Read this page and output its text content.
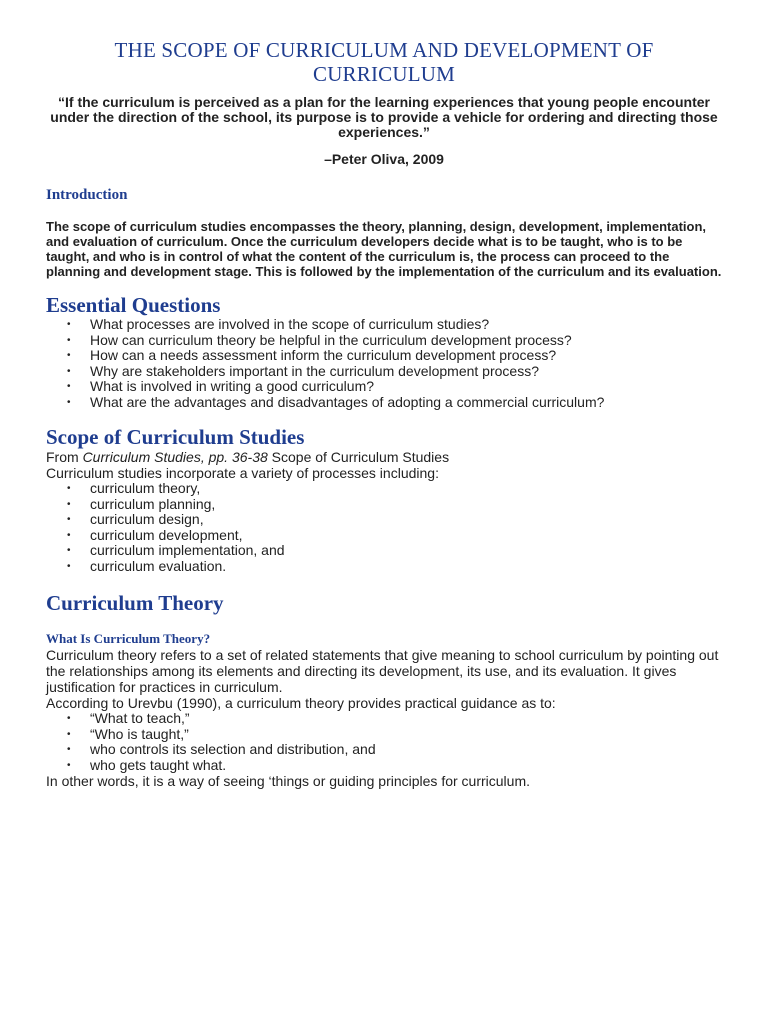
THE SCOPE OF CURRICULUM AND DEVELOPMENT OF CURRICULUM

“If the curriculum is perceived as a plan for the learning experiences that young people encounter under the direction of the school, its purpose is to provide a vehicle for ordering and directing those experiences.”

–Peter Oliva, 2009

Introduction

The scope of curriculum studies encompasses the theory, planning, design, development, implementation, and evaluation of curriculum. Once the curriculum developers decide what is to be taught, who is to be taught, and who is in control of what the content of the curriculum is, the process can proceed to the planning and development stage. This is followed by the implementation of the curriculum and its evaluation.

Essential Questions
• What processes are involved in the scope of curriculum studies?
• How can curriculum theory be helpful in the curriculum development process?
• How can a needs assessment inform the curriculum development process?
• Why are stakeholders important in the curriculum development process?
• What is involved in writing a good curriculum?
• What are the advantages and disadvantages of adopting a commercial curriculum?
Scope of Curriculum Studies

From Curriculum Studies, pp. 36-38 Scope of Curriculum Studies

Curriculum studies incorporate a variety of processes including:

• curriculum theory,
• curriculum planning,
• curriculum design,
• curriculum development,
• curriculum implementation, and
• curriculum evaluation.
Curriculum Theory
What Is Curriculum Theory?

Curriculum theory refers to a set of related statements that give meaning to school curriculum by pointing out the relationships among its elements and directing its development, its use, and its evaluation. It gives justification for practices in curriculum.

According to Urevbu (1990), a curriculum theory provides practical guidance as to:

• “What to teach,”
• “Who is taught,”
• who controls its selection and distribution, and
• who gets taught what.

In other words, it is a way of seeing ‘things or guiding principles for curriculum.
